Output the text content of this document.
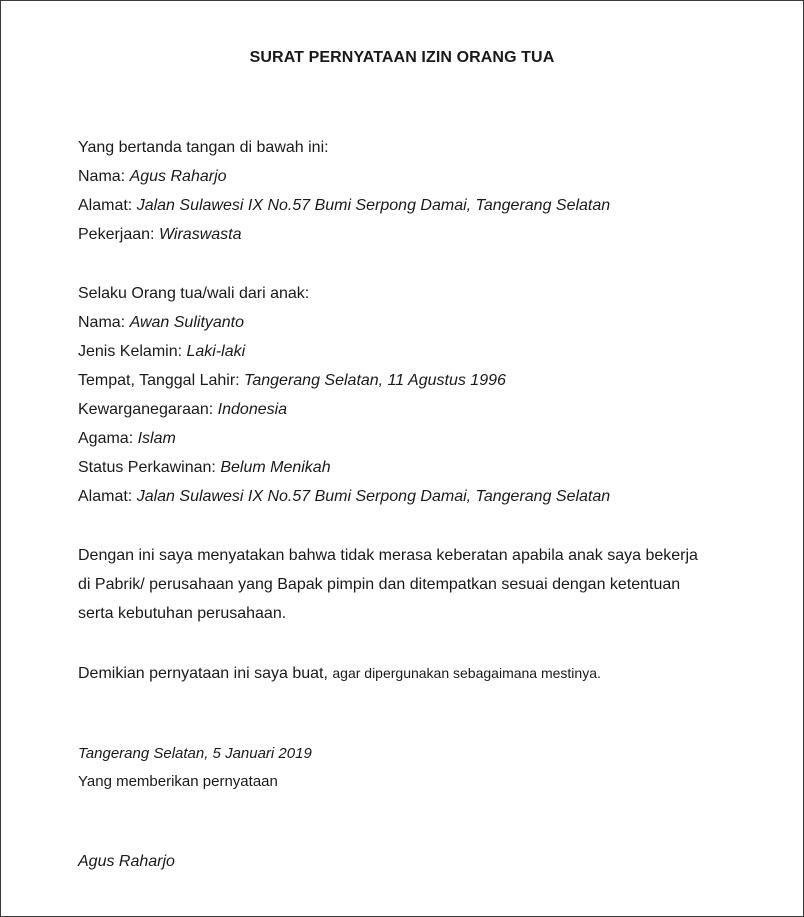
SURAT PERNYATAAN IZIN ORANG TUA
Yang bertanda tangan di bawah ini:
Nama: Agus Raharjo
Alamat: Jalan Sulawesi IX No.57 Bumi Serpong Damai, Tangerang Selatan
Pekerjaan: Wiraswasta
Selaku Orang tua/wali dari anak:
Nama: Awan Sulityanto
Jenis Kelamin: Laki-laki
Tempat, Tanggal Lahir: Tangerang Selatan, 11 Agustus 1996
Kewarganegaraan: Indonesia
Agama: Islam
Status Perkawinan: Belum Menikah
Alamat: Jalan Sulawesi IX No.57 Bumi Serpong Damai, Tangerang Selatan
Dengan ini saya menyatakan bahwa tidak merasa keberatan apabila anak saya bekerja
di Pabrik/ perusahaan yang Bapak pimpin dan ditempatkan sesuai dengan ketentuan
serta kebutuhan perusahaan.
Demikian pernyataan ini saya buat, agar dipergunakan sebagaimana mestinya.
Tangerang Selatan, 5 Januari 2019
Yang memberikan pernyataan
Agus Raharjo
